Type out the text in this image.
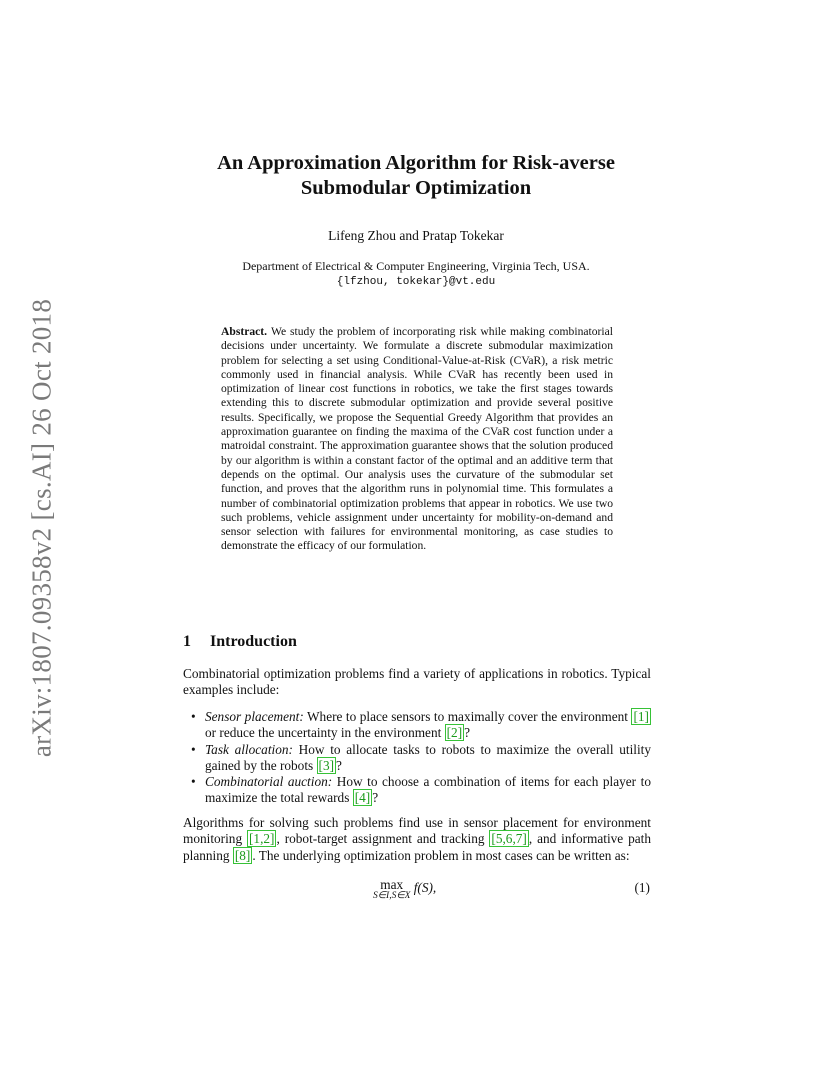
arXiv:1807.09358v2 [cs.AI] 26 Oct 2018
An Approximation Algorithm for Risk-averse
Submodular Optimization
Lifeng Zhou and Pratap Tokekar
Department of Electrical & Computer Engineering, Virginia Tech, USA.
{lfzhou, tokekar}@vt.edu
Abstract. We study the problem of incorporating risk while making combinatorial decisions under uncertainty. We formulate a discrete submodular maximization problem for selecting a set using Conditional-Value-at-Risk (CVaR), a risk metric commonly used in financial analysis. While CVaR has recently been used in optimization of linear cost functions in robotics, we take the first stages towards extending this to discrete submodular optimization and provide several positive results. Specifically, we propose the Sequential Greedy Algorithm that provides an approximation guarantee on finding the maxima of the CVaR cost function under a matroidal constraint. The approximation guarantee shows that the solution produced by our algorithm is within a constant factor of the optimal and an additive term that depends on the optimal. Our analysis uses the curvature of the submodular set function, and proves that the algorithm runs in polynomial time. This formulates a number of combinatorial optimization problems that appear in robotics. We use two such problems, vehicle assignment under uncertainty for mobility-on-demand and sensor selection with failures for environmental monitoring, as case studies to demonstrate the efficacy of our formulation.
1 Introduction
Combinatorial optimization problems find a variety of applications in robotics. Typical examples include:
• Sensor placement: Where to place sensors to maximally cover the environment [1] or reduce the uncertainty in the environment [2] ?
• Task allocation: How to allocate tasks to robots to maximize the overall utility gained by the robots [3] ?
• Combinatorial auction: How to choose a combination of items for each player to maximize the total rewards [4] ?
Algorithms for solving such problems find use in sensor placement for environment monitoring [1,2] , robot-target assignment and tracking [5,6,7] , and informative path planning [8] . The underlying optimization problem in most cases can be written as:
max
S∈I,S∈X
f(S),	(1)
